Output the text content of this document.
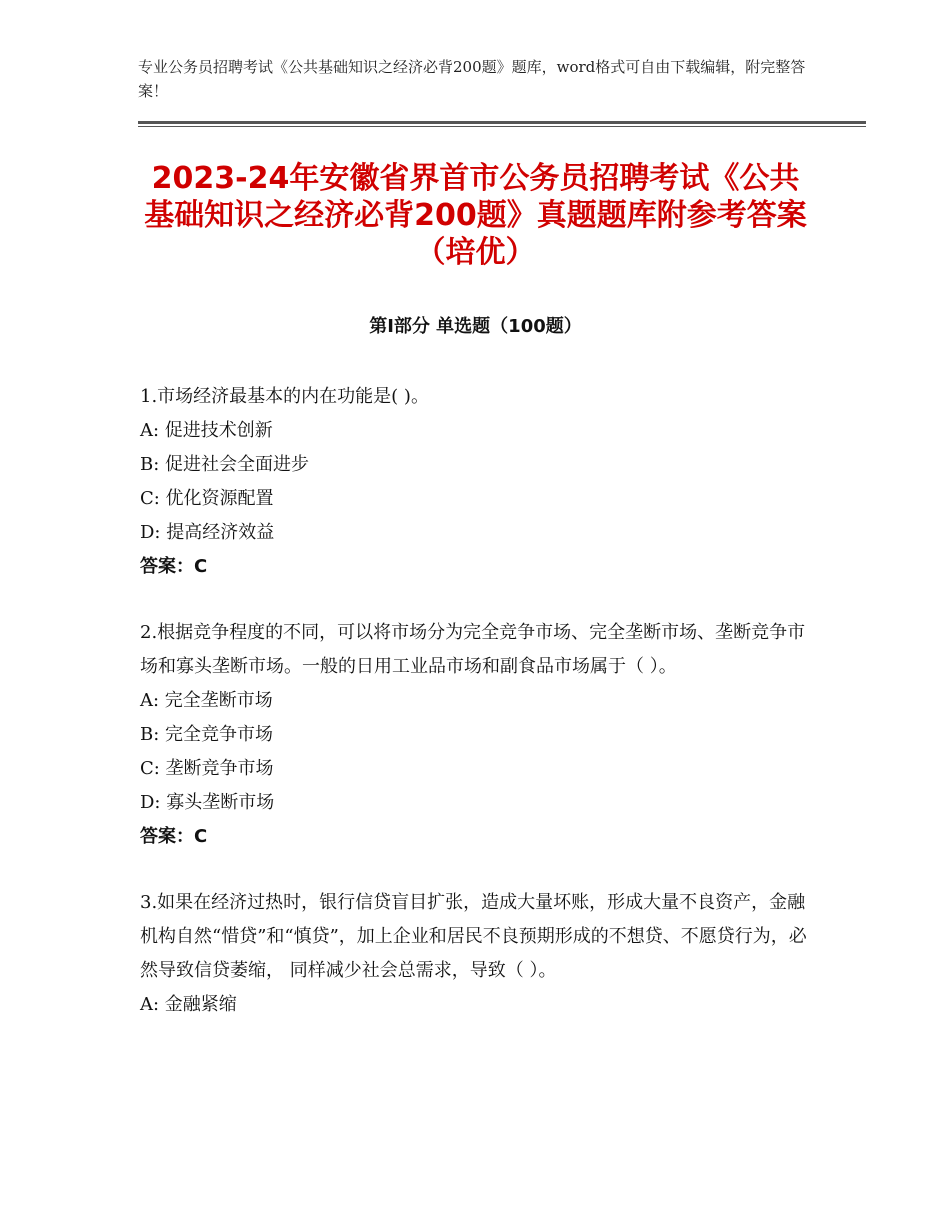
专业公务员招聘考试《公共基础知识之经济必背200题》题库，word格式可自由下载编辑，附完整答案！
2023-24年安徽省界首市公务员招聘考试《公共基础知识之经济必背200题》真题题库附参考答案（培优）
第Ⅰ部分 单选题（100题）

1.市场经济最基本的内在功能是( )。

A: 促进技术创新

B: 促进社会全面进步

C: 优化资源配置

D: 提高经济效益

答案：C

2.根据竞争程度的不同，可以将市场分为完全竞争市场、完全垄断市场、垄断竞争市场和寡头垄断市场。一般的日用工业品市场和副食品市场属于（ ）。

A: 完全垄断市场

B: 完全竞争市场

C: 垄断竞争市场

D: 寡头垄断市场

答案：C

3.如果在经济过热时，银行信贷盲目扩张，造成大量坏账，形成大量不良资产，金融机构自然“惜贷”和“慎贷”，加上企业和居民不良预期形成的不想贷、不愿贷行为，必然导致信贷萎缩， 同样减少社会总需求，导致（ ）。

A: 金融紧缩
